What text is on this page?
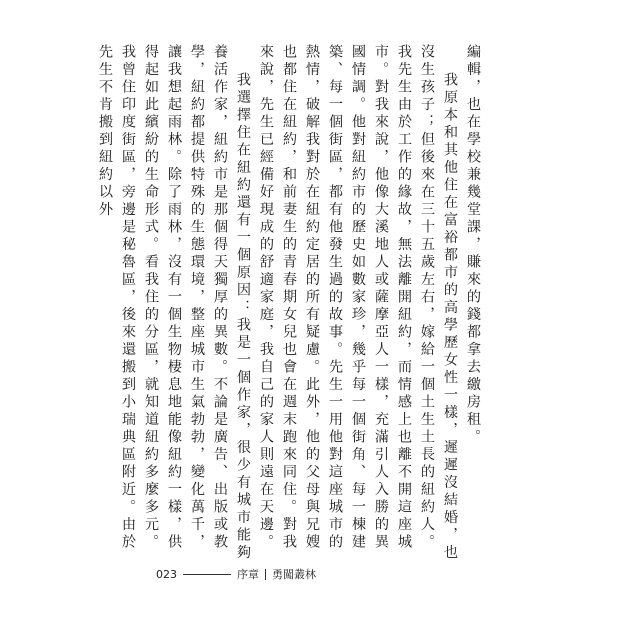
編輯，也在學校兼幾堂課，賺來的錢都拿去繳房租。

我原本和其他住在富裕都市的高學歷女性一樣，遲遲沒結婚，也沒生孩子；但後來在三十五歲左右，嫁給一個土生土長的紐約人。我先生由於工作的緣故，無法離開紐約，而情感上也離不開這座城市。對我來說，他像大溪地人或薩摩亞人一樣，充滿引人入勝的異國情調。他對紐約市的歷史如數家珍，幾乎每一個街角、每一棟建築、每一個街區，都有他發生過的故事。先生一用他對這座城市的熱情，破解我對於在紐約定居的所有疑慮。此外，他的父母與兄嫂也都住在紐約，和前妻生的青春期女兒也會在週末跑來同住。對我來說，先生已經備好現成的舒適家庭，我自己的家人則遠在天邊。

我選擇住在紐約還有一個原因：我是一個作家，很少有城市能夠養活作家，紐約市是那個得天獨厚的異數。不論是廣告、出版或教學，紐約都提供特殊的生態環境，整座城市生氣勃勃，變化萬千，讓我想起雨林。除了雨林，沒有一個生物棲息地能像紐約一樣，供得起如此繽紛的生命形式。看我住的分區，就知道紐約多麼多元。我曾住印度街區，旁邊是秘魯區，後來還搬到小瑞典區附近。由於先生不肯搬到紐約以外

023	序章 勇闖叢林
